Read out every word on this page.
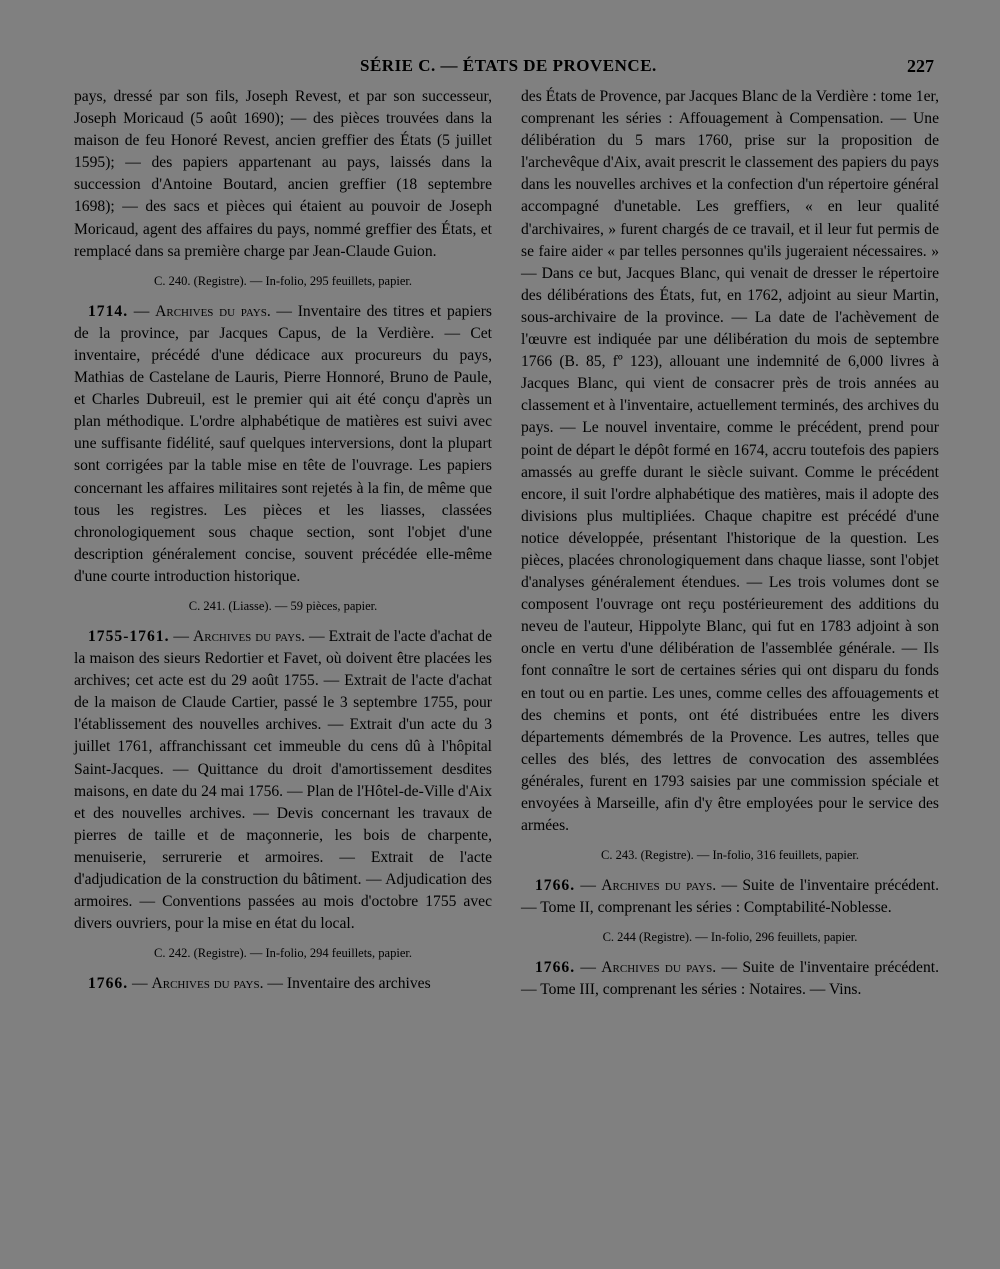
SÉRIE C. — ÉTATS DE PROVENCE.	227

pays, dressé par son fils, Joseph Revest, et par son successeur, Joseph Moricaud (5 août 1690); — des pièces trouvées dans la maison de feu Honoré Revest, ancien greffier des États (5 juillet 1595); — des papiers appartenant au pays, laissés dans la succession d'Antoine Boutard, ancien greffier (18 septembre 1698); — des sacs et pièces qui étaient au pouvoir de Joseph Moricaud, agent des affaires du pays, nommé greffier des États, et remplacé dans sa première charge par Jean-Claude Guion.

C. 240. (Registre). — In-folio, 295 feuillets, papier.

1714. — Archives du pays. — Inventaire des titres et papiers de la province, par Jacques Capus, de la Verdière. — Cet inventaire, précédé d'une dédicace aux procureurs du pays, Mathias de Castelane de Lauris, Pierre Honnoré, Bruno de Paule, et Charles Dubreuil, est le premier qui ait été conçu d'après un plan méthodique. L'ordre alphabétique de matières est suivi avec une suffisante fidélité, sauf quelques interversions, dont la plupart sont corrigées par la table mise en tête de l'ouvrage. Les papiers concernant les affaires militaires sont rejetés à la fin, de même que tous les registres. Les pièces et les liasses, classées chronologiquement sous chaque section, sont l'objet d'une description généralement concise, souvent précédée elle-même d'une courte introduction historique.

C. 241. (Liasse). — 59 pièces, papier.

1755-1761. — Archives du pays. — Extrait de l'acte d'achat de la maison des sieurs Redortier et Favet, où doivent être placées les archives; cet acte est du 29 août 1755. — Extrait de l'acte d'achat de la maison de Claude Cartier, passé le 3 septembre 1755, pour l'établissement des nouvelles archives. — Extrait d'un acte du 3 juillet 1761, affranchissant cet immeuble du cens dû à l'hôpital Saint-Jacques. — Quittance du droit d'amortissement desdites maisons, en date du 24 mai 1756. — Plan de l'Hôtel-de-Ville d'Aix et des nouvelles archives. — Devis concernant les travaux de pierres de taille et de maçonnerie, les bois de charpente, menuiserie, serrurerie et armoires. — Extrait de l'acte d'adjudication de la construction du bâtiment. — Adjudication des armoires. — Conventions passées au mois d'octobre 1755 avec divers ouvriers, pour la mise en état du local.

C. 242. (Registre). — In-folio, 294 feuillets, papier.

1766. — Archives du pays. — Inventaire des archives

des États de Provence, par Jacques Blanc de la Verdière : tome 1er, comprenant les séries : Affouagement à Compensation. — Une délibération du 5 mars 1760, prise sur la proposition de l'archevêque d'Aix, avait prescrit le classement des papiers du pays dans les nouvelles archives et la confection d'un répertoire général accompagné d'unetable. Les greffiers, « en leur qualité d'archivaires, » furent chargés de ce travail, et il leur fut permis de se faire aider « par telles personnes qu'ils jugeraient nécessaires. » — Dans ce but, Jacques Blanc, qui venait de dresser le répertoire des délibérations des États, fut, en 1762, adjoint au sieur Martin, sous-archivaire de la province. — La date de l'achèvement de l'œuvre est indiquée par une délibération du mois de septembre 1766 (B. 85, fº 123), allouant une indemnité de 6,000 livres à Jacques Blanc, qui vient de consacrer près de trois années au classement et à l'inventaire, actuellement terminés, des archives du pays. — Le nouvel inventaire, comme le précédent, prend pour point de départ le dépôt formé en 1674, accru toutefois des papiers amassés au greffe durant le siècle suivant. Comme le précédent encore, il suit l'ordre alphabétique des matières, mais il adopte des divisions plus multipliées. Chaque chapitre est précédé d'une notice développée, présentant l'historique de la question. Les pièces, placées chronologiquement dans chaque liasse, sont l'objet d'analyses généralement étendues. — Les trois volumes dont se composent l'ouvrage ont reçu postérieurement des additions du neveu de l'auteur, Hippolyte Blanc, qui fut en 1783 adjoint à son oncle en vertu d'une délibération de l'assemblée générale. — Ils font connaître le sort de certaines séries qui ont disparu du fonds en tout ou en partie. Les unes, comme celles des affouagements et des chemins et ponts, ont été distribuées entre les divers départements démembrés de la Provence. Les autres, telles que celles des blés, des lettres de convocation des assemblées générales, furent en 1793 saisies par une commission spéciale et envoyées à Marseille, afin d'y être employées pour le service des armées.

C. 243. (Registre). — In-folio, 316 feuillets, papier.

1766. — Archives du pays. — Suite de l'inventaire précédent. — Tome II, comprenant les séries : Comptabilité-Noblesse.

C. 244 (Registre). — In-folio, 296 feuillets, papier.

1766. — Archives du pays. — Suite de l'inventaire précédent. — Tome III, comprenant les séries : Notaires. — Vins.
